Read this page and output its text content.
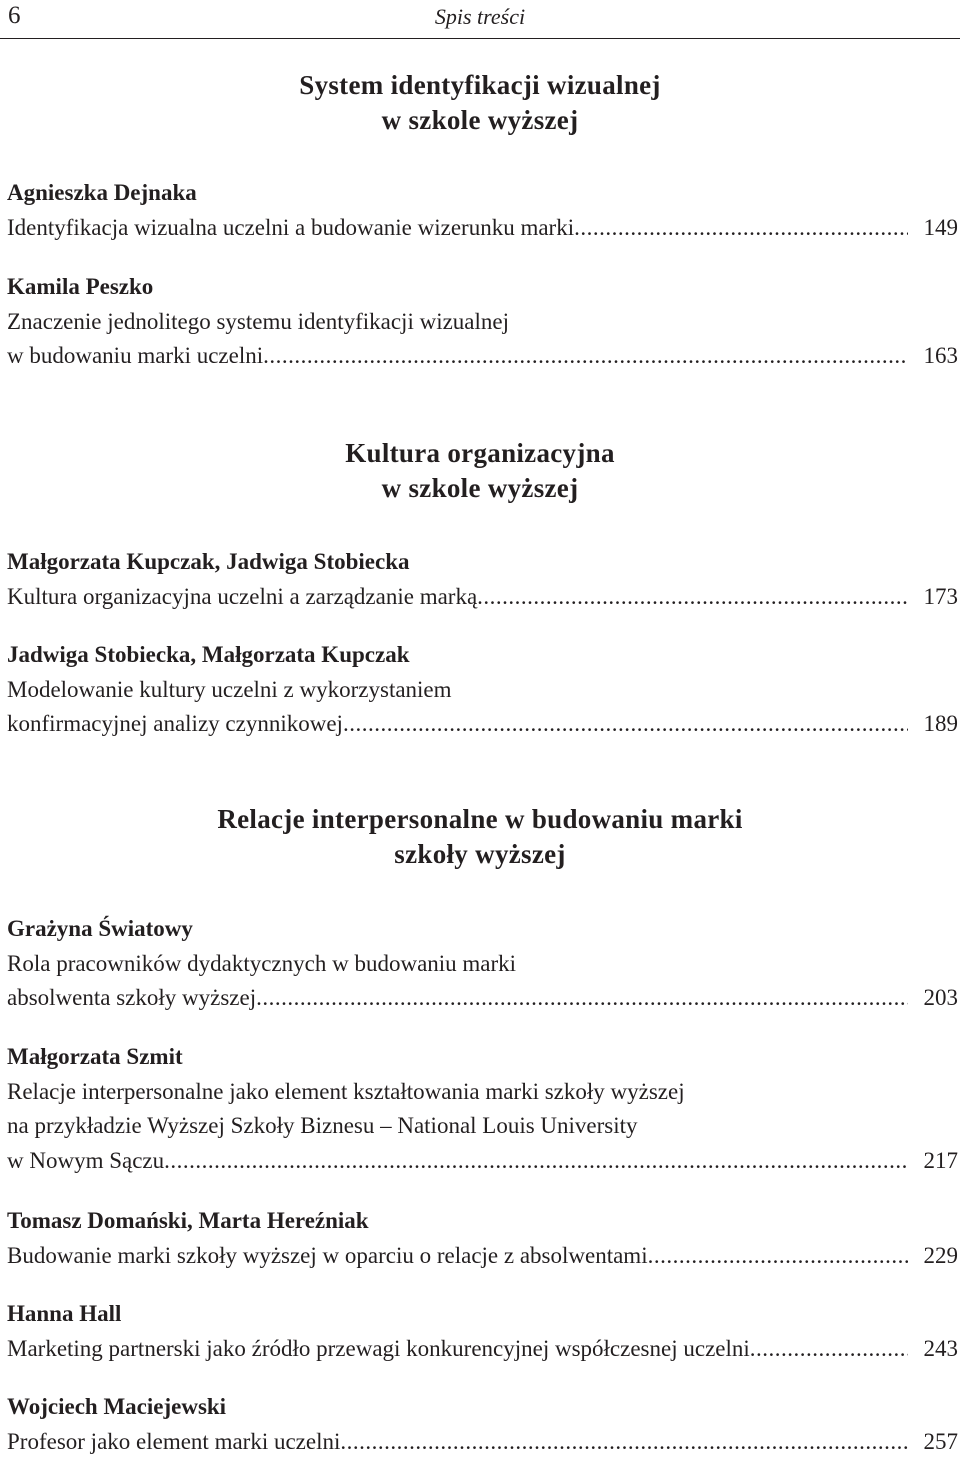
6	Spis treści
System identyfikacji wizualnej
w szkole wyższej
Agnieszka Dejnaka
Identyfikacja wizualna uczelni a budowanie wizerunku marki .....	149
Kamila Peszko
Znaczenie jednolitego systemu identyfikacji wizualnej
w budowaniu marki uczelni .....	163
Kultura organizacyjna
w szkole wyższej
Małgorzata Kupczak, Jadwiga Stobiecka
Kultura organizacyjna uczelni a zarządzanie marką .....	173
Jadwiga Stobiecka, Małgorzata Kupczak
Modelowanie kultury uczelni z wykorzystaniem
konfirmacyjnej analizy czynnikowej .....	189
Relacje interpersonalne w budowaniu marki
szkoły wyższej
Grażyna Światowy
Rola pracowników dydaktycznych w budowaniu marki
absolwenta szkoły wyższej .....	203
Małgorzata Szmit
Relacje interpersonalne jako element kształtowania marki szkoły wyższej
na przykładzie Wyższej Szkoły Biznesu – National Louis University
w Nowym Sączu .....	217
Tomasz Domański, Marta Hereźniak
Budowanie marki szkoły wyższej w oparciu o relacje z absolwentami .....	229
Hanna Hall
Marketing partnerski jako źródło przewagi konkurencyjnej współczesnej uczelni .....	243
Wojciech Maciejewski
Profesor jako element marki uczelni .....	257
